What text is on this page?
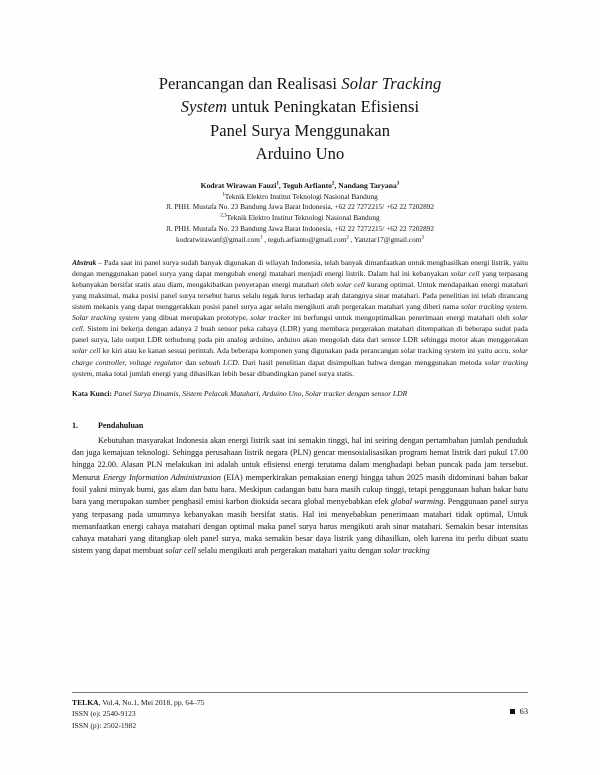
Perancangan dan Realisasi Solar Tracking
System untuk Peningkatan Efisiensi
Panel Surya Menggunakan
Arduino Uno
Kodrat Wirawan Fauzi$^1$, Teguh Arfianto$^2$, Nandang Taryana$^3$
$^1$Teknik Elektro Institut Teknologi Nasional Bandung
Jl. PHH. Mustafa No. 23 Bandung Jawa Barat Indonesia, +62 22 7272215/ +62 22 7202892
$^{2,3}$Teknik Elektro Institut Teknologi Nasional Bandung
Jl. PHH. Mustafa No. 23 Bandung Jawa Barat Indonesia, +62 22 7272215/ +62 22 7202892
kodratwirawanf@gmail.com$^1$ , teguh.arfianto@gmail.com$^2$ , Yanztar17@gmail.com$^3$
Abstrak – Pada saat ini panel surya sudah banyak digunakan di wilayah Indonesia, telah banyak dimanfaatkan untuk menghasilkan energi listrik, yaitu dengan menggunakan panel surya yang dapat mengubah energi matahari menjadi energi listrik. Dalam hal ini kebanyakan solar cell yang terpasang kebanyakan bersifat statis atau diam, mengakibatkan penyerapan energi matahari oleh solar cell kurang optimal. Untuk mendapatkan energi matahari yang maksimal, maka posisi panel surya tersebut harus selalu tegak lurus terhadap arah datangnya sinar matahari. Pada penelitian ini telah dirancang sistem mekanis yang dapat menggerakkan posisi panel surya agar selalu mengikuti arah pergerakan matahari yang diberi nama solar tracking system. Solar tracking system yang dibuat merupakan prototype, solar tracker ini berfungsi untuk mengoptimalkan penerimaan energi matahari oleh solar cell. Sistem ini bekerja dengan adanya 2 buah sensor peka cahaya (LDR) yang membaca pergerakan matahari ditempatkan di beberapa sudut pada panel surya, lalu output LDR terhubung pada pin analog arduino, arduino akan mengolah data dari sensor LDR sehingga motor akan menggerakan solar cell ke kiri atau ke kanan sesuai perintah. Ada beberapa komponen yang digunakan pada perancangan solar tracking system ini yaitu accu, solar charge controller, voltage regulator dan sebuah LCD. Dari hasil penelitian dapat disimpulkan bahwa dengan menggunakan metoda solar tracking system, maka total jumlah energi yang dihasilkan lebih besar dibandingkan panel surya statis.
Kata Kunci: Panel Surya Dinamis, Sistem Pelacak Matahari, Arduino Uno, Solar tracker dengan sensor LDR
1.	Pendahuluan
Kebutuhan masyarakat Indonesia akan energi listrik saat ini semakin tinggi, hal ini seiring dengan pertambahan jumlah penduduk dan juga kemajuan teknologi. Sehingga perusahaan listrik negara (PLN) gencar mensosialisasikan program hemat listrik dari pukul 17.00 hingga 22.00. Alasan PLN melakukan ini adalah untuk efisiensi energi terutama dalam menghadapi beban puncak pada jam tersebut. Menurut Energy Information Administrasion (EIA) memperkirakan pemakaian energi hingga tahun 2025 masih didominasi bahan bakar fosil yakni minyak bumi, gas alam dan batu bara. Meskipun cadangan batu bara masih cukup tinggi, tetapi penggunaan bahan bakar batu bara yang merupakan sumber penghasil emisi karbon dioksida secara global menyebabkan efek global warming. Penggunaan panel surya yang terpasang pada umumnya kebanyakan masih bersifat statis. Hal ini menyebabkan penerimaan matahari tidak optimal, Untuk memanfaatkan energi cahaya matahari dengan optimal maka panel surya harus mengikuti arah sinar matahari. Semakin besar intensitas cahaya matahari yang ditangkap oleh panel surya, maka semakin besar daya listrik yang dihasilkan, oleh karena itu perlu dibuat suatu sistem yang dapat membuat solar cell selalu mengikuti arah pergerakan matahari yaitu dengan solar tracking
TELKA, Vol.4, No.1, Mei 2018, pp. 64–75
ISSN (e): 2540-9123
ISSN (p): 2502-1982
63
